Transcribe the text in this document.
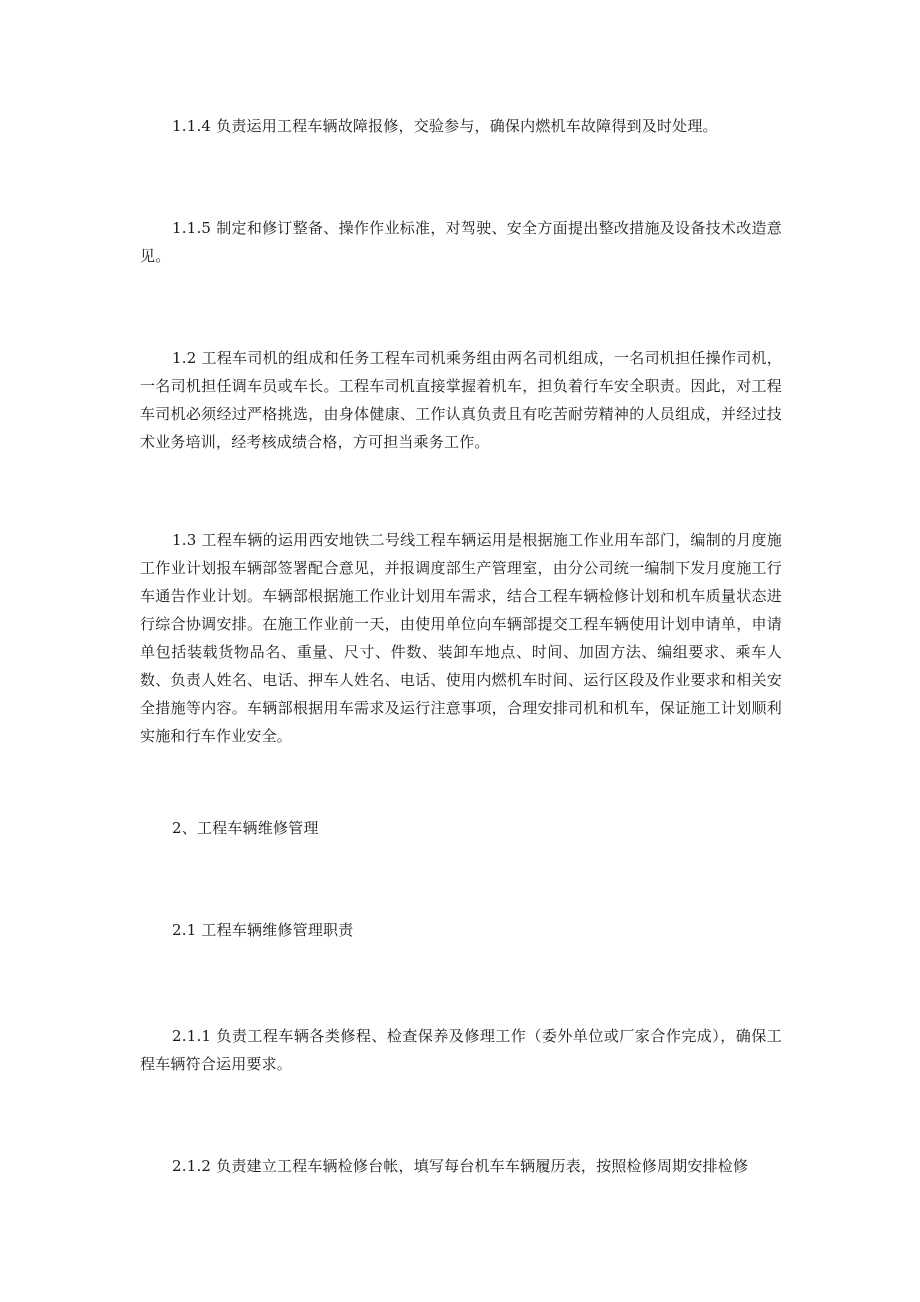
1.1.4 负责运用工程车辆故障报修，交验参与，确保内燃机车故障得到及时处理。

1.1.5 制定和修订整备、操作作业标准，对驾驶、安全方面提出整改措施及设备技术改造意见。

1.2 工程车司机的组成和任务工程车司机乘务组由两名司机组成，一名司机担任操作司机，一名司机担任调车员或车长。工程车司机直接掌握着机车，担负着行车安全职责。因此，对工程车司机必须经过严格挑选，由身体健康、工作认真负责且有吃苦耐劳精神的人员组成，并经过技术业务培训，经考核成绩合格，方可担当乘务工作。

1.3 工程车辆的运用西安地铁二号线工程车辆运用是根据施工作业用车部门，编制的月度施工作业计划报车辆部签署配合意见，并报调度部生产管理室，由分公司统一编制下发月度施工行车通告作业计划。车辆部根据施工作业计划用车需求，结合工程车辆检修计划和机车质量状态进行综合协调安排。在施工作业前一天，由使用单位向车辆部提交工程车辆使用计划申请单，申请单包括装载货物品名、重量、尺寸、件数、装卸车地点、时间、加固方法、编组要求、乘车人数、负责人姓名、电话、押车人姓名、电话、使用内燃机车时间、运行区段及作业要求和相关安全措施等内容。车辆部根据用车需求及运行注意事项，合理安排司机和机车，保证施工计划顺利实施和行车作业安全。

2、工程车辆维修管理

2.1 工程车辆维修管理职责

2.1.1 负责工程车辆各类修程、检查保养及修理工作（委外单位或厂家合作完成），确保工程车辆符合运用要求。

2.1.2 负责建立工程车辆检修台帐，填写每台机车车辆履历表，按照检修周期安排检修
